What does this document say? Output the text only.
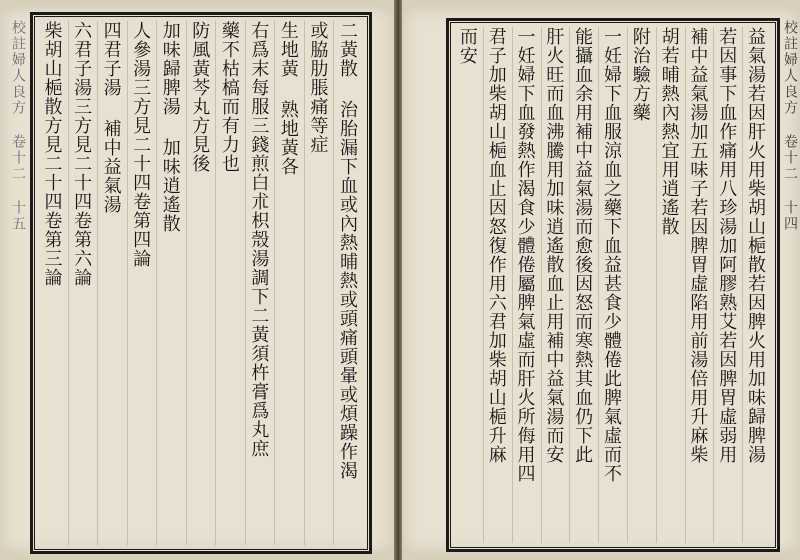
校註婦人良方 卷十二 十五	二黃散 治胎漏下血或內熱晡熱或頭痛頭暈或煩躁作渴
或脇肋脹痛等症
生地黃 熟地黃各
右爲末每服三錢煎白朮枳殼湯調下二黃須杵膏爲丸庶
藥不枯槁而有力也
防風黃芩丸方見後
加味歸脾湯 加味逍遙散
人參湯三方見二十四卷第四論
四君子湯 補中益氣湯
六君子湯三方見二十四卷第六論
柴胡山梔散方見二十四卷第三論	校註婦人良方 卷十二 十四
益氣湯若因肝火用柴胡山梔散若因脾火用加味歸脾湯
若因事下血作痛用八珍湯加阿膠熟艾若因脾胃虛弱用
補中益氣湯加五味子若因脾胃虛陷用前湯倍用升麻柴
胡若晡熱內熱宜用逍遙散
附治驗方藥
一妊婦下血服涼血之藥下血益甚食少體倦此脾氣虛而不
能攝血余用補中益氣湯而愈後因怒而寒熱其血仍下此
肝火旺而血沸騰用加味逍遙散血止用補中益氣湯而安
一妊婦下血發熱作渴食少體倦屬脾氣虛而肝火所侮用四
君子加柴胡山梔血止因怒復作用六君加柴胡山梔升麻
而安
